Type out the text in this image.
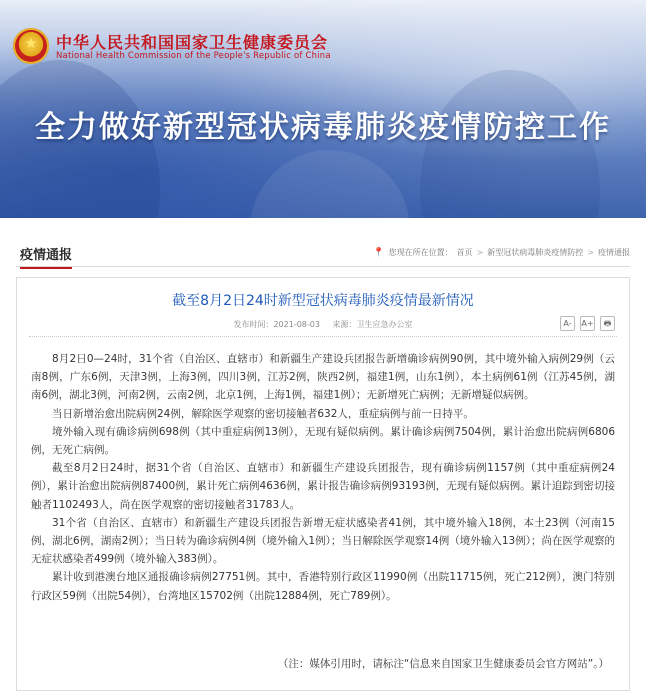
★
中华人民共和国国家卫生健康委员会
National Health Commission of the People's Republic of China
全力做好新型冠状病毒肺炎疫情防控工作
疫情通报	📍 您现在所在位置： 首页 > 新型冠状病毒肺炎疫情防控 > 疫情通报
截至8月2日24时新型冠状病毒肺炎疫情最新情况
发布时间：2021-08-03 来源：卫生应急办公室	A-	A+	🖶

8月2日0—24时，31个省（自治区、直辖市）和新疆生产建设兵团报告新增确诊病例90例，其中境外输入病例29例（云南8例，广东6例，天津3例，上海3例，四川3例，江苏2例，陕西2例，福建1例，山东1例），本土病例61例（江苏45例，湖南6例，湖北3例，河南2例，云南2例，北京1例，上海1例，福建1例）；无新增死亡病例；无新增疑似病例。

当日新增治愈出院病例24例，解除医学观察的密切接触者632人，重症病例与前一日持平。

境外输入现有确诊病例698例（其中重症病例13例），无现有疑似病例。累计确诊病例7504例，累计治愈出院病例6806例，无死亡病例。

截至8月2日24时，据31个省（自治区、直辖市）和新疆生产建设兵团报告，现有确诊病例1157例（其中重症病例24例），累计治愈出院病例87400例，累计死亡病例4636例，累计报告确诊病例93193例，无现有疑似病例。累计追踪到密切接触者1102493人，尚在医学观察的密切接触者31783人。

31个省（自治区、直辖市）和新疆生产建设兵团报告新增无症状感染者41例，其中境外输入18例，本土23例（河南15例，湖北6例，湖南2例）；当日转为确诊病例4例（境外输入1例）；当日解除医学观察14例（境外输入13例）；尚在医学观察的无症状感染者499例（境外输入383例）。

累计收到港澳台地区通报确诊病例27751例。其中，香港特别行政区11990例（出院11715例，死亡212例），澳门特别行政区59例（出院54例），台湾地区15702例（出院12884例，死亡789例）。

（注：媒体引用时，请标注“信息来自国家卫生健康委员会官方网站”。）
